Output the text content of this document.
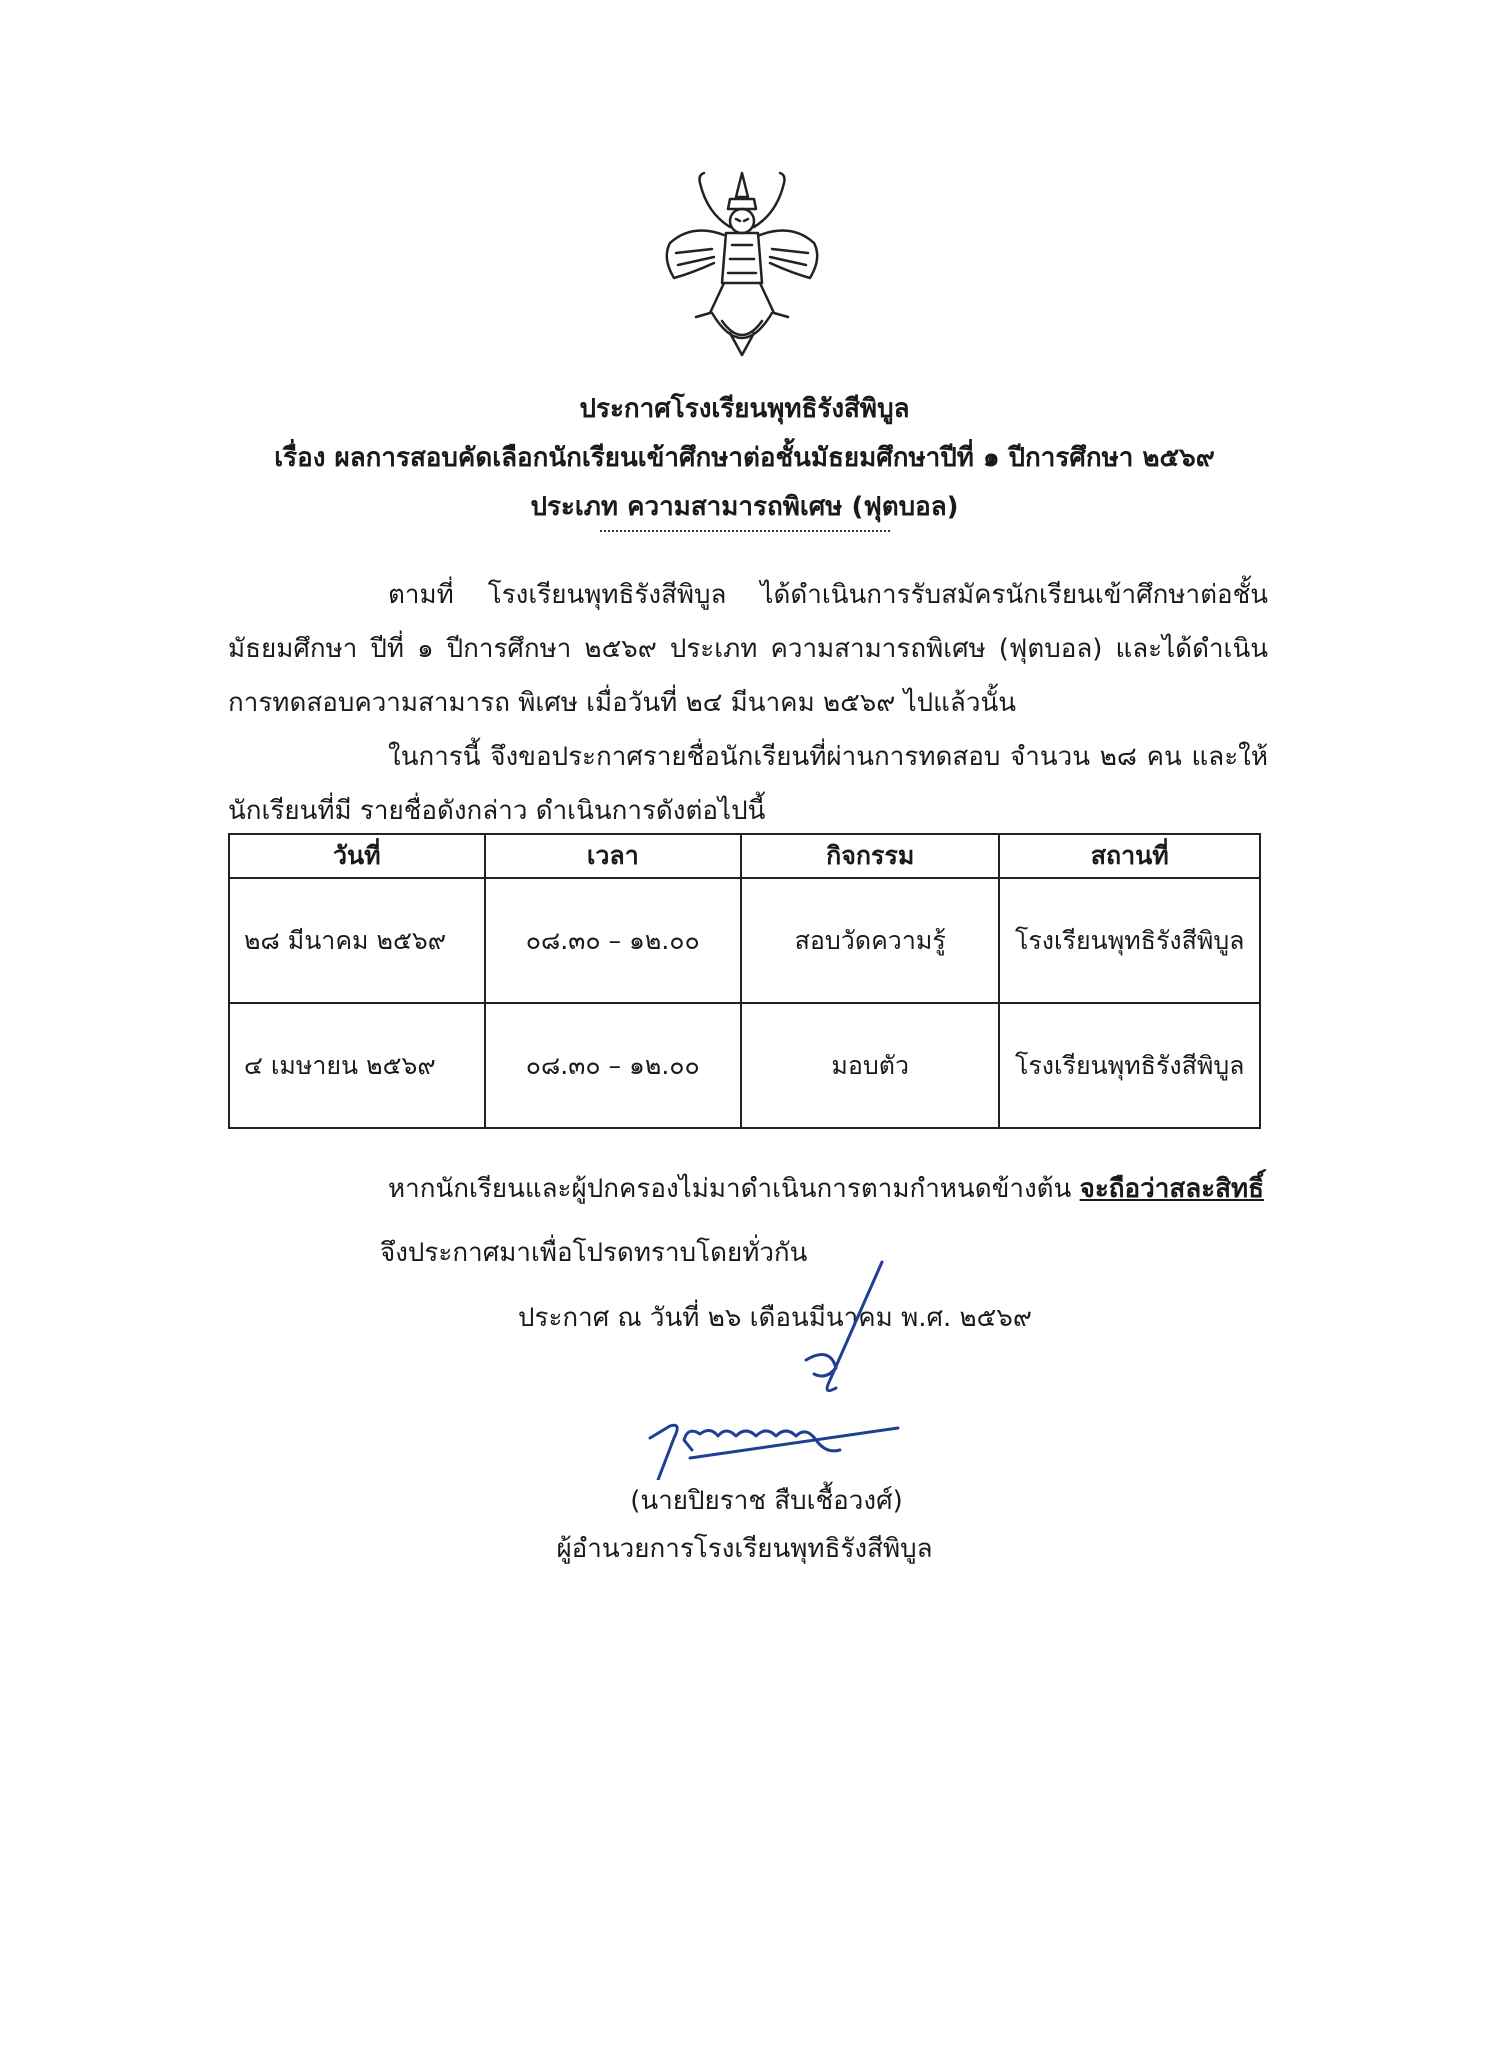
ประกาศโรงเรียนพุทธิรังสีพิบูล
เรื่อง ผลการสอบคัดเลือกนักเรียนเข้าศึกษาต่อชั้นมัธยมศึกษาปีที่ ๑ ปีการศึกษา ๒๕๖๙
ประเภท ความสามารถพิเศษ (ฟุตบอล)
ตามที่ โรงเรียนพุทธิรังสีพิบูล ได้ดำเนินการรับสมัครนักเรียนเข้าศึกษาต่อชั้นมัธยมศึกษา ปีที่ ๑ ปีการศึกษา ๒๕๖๙ ประเภท ความสามารถพิเศษ (ฟุตบอล) และได้ดำเนินการทดสอบความสามารถ พิเศษ เมื่อวันที่ ๒๔ มีนาคม ๒๕๖๙ ไปแล้วนั้น
ในการนี้ จึงขอประกาศรายชื่อนักเรียนที่ผ่านการทดสอบ จำนวน ๒๘ คน และให้นักเรียนที่มี รายชื่อดังกล่าว ดำเนินการดังต่อไปนี้
วันที่	เวลา	กิจกรรม	สถานที่
๒๘ มีนาคม ๒๕๖๙	๐๘.๓๐ – ๑๒.๐๐	สอบวัดความรู้	โรงเรียนพุทธิรังสีพิบูล
๔ เมษายน ๒๕๖๙	๐๘.๓๐ – ๑๒.๐๐	มอบตัว	โรงเรียนพุทธิรังสีพิบูล
หากนักเรียนและผู้ปกครองไม่มาดำเนินการตามกำหนดข้างต้น จะถือว่าสละสิทธิ์
จึงประกาศมาเพื่อโปรดทราบโดยทั่วกัน
ประกาศ ณ วันที่ ๒๖ เดือนมีนาคม พ.ศ. ๒๕๖๙
(นายปิยราช สืบเชื้อวงศ์)
ผู้อำนวยการโรงเรียนพุทธิรังสีพิบูล
